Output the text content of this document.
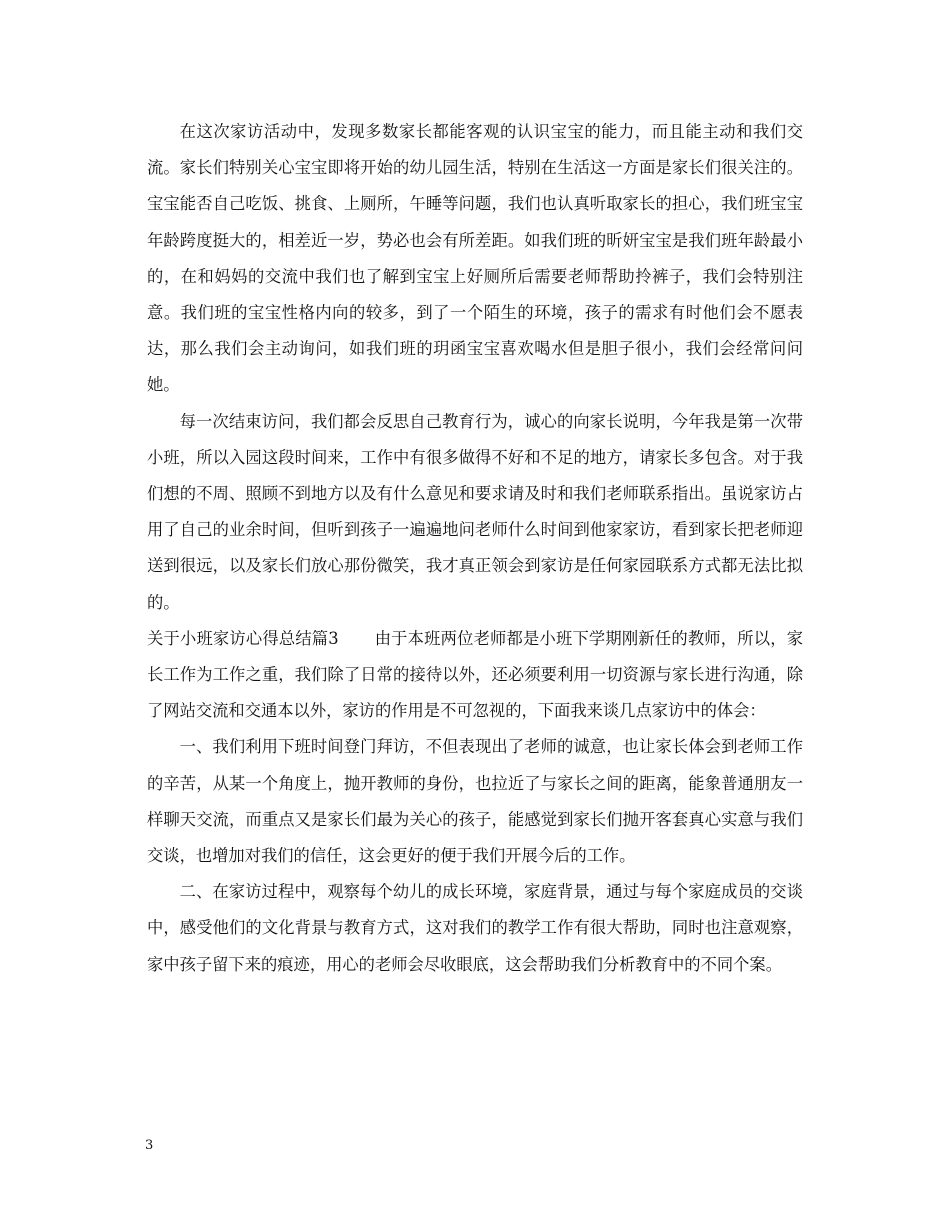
在这次家访活动中，发现多数家长都能客观的认识宝宝的能力，而且能主动和我们交流。家长们特别关心宝宝即将开始的幼儿园生活，特别在生活这一方面是家长们很关注的。宝宝能否自己吃饭、挑食、上厕所，午睡等问题，我们也认真听取家长的担心，我们班宝宝年龄跨度挺大的，相差近一岁，势必也会有所差距。如我们班的昕妍宝宝是我们班年龄最小的，在和妈妈的交流中我们也了解到宝宝上好厕所后需要老师帮助拎裤子，我们会特别注意。我们班的宝宝性格内向的较多，到了一个陌生的环境，孩子的需求有时他们会不愿表达，那么我们会主动询问，如我们班的玥函宝宝喜欢喝水但是胆子很小，我们会经常问问她。

每一次结束访问，我们都会反思自己教育行为，诚心的向家长说明，今年我是第一次带小班，所以入园这段时间来，工作中有很多做得不好和不足的地方，请家长多包含。对于我们想的不周、照顾不到地方以及有什么意见和要求请及时和我们老师联系指出。虽说家访占用了自己的业余时间，但听到孩子一遍遍地问老师什么时间到他家家访，看到家长把老师迎送到很远，以及家长们放心那份微笑，我才真正领会到家访是任何家园联系方式都无法比拟的。

关于小班家访心得总结篇3 由于本班两位老师都是小班下学期刚新任的教师，所以，家长工作为工作之重，我们除了日常的接待以外，还必须要利用一切资源与家长进行沟通，除了网站交流和交通本以外，家访的作用是不可忽视的，下面我来谈几点家访中的体会：

一、我们利用下班时间登门拜访，不但表现出了老师的诚意，也让家长体会到老师工作的辛苦，从某一个角度上，抛开教师的身份，也拉近了与家长之间的距离，能象普通朋友一样聊天交流，而重点又是家长们最为关心的孩子，能感觉到家长们抛开客套真心实意与我们交谈，也增加对我们的信任，这会更好的便于我们开展今后的工作。

二、在家访过程中，观察每个幼儿的成长环境，家庭背景，通过与每个家庭成员的交谈中，感受他们的文化背景与教育方式，这对我们的教学工作有很大帮助，同时也注意观察，家中孩子留下来的痕迹，用心的老师会尽收眼底，这会帮助我们分析教育中的不同个案。

3
